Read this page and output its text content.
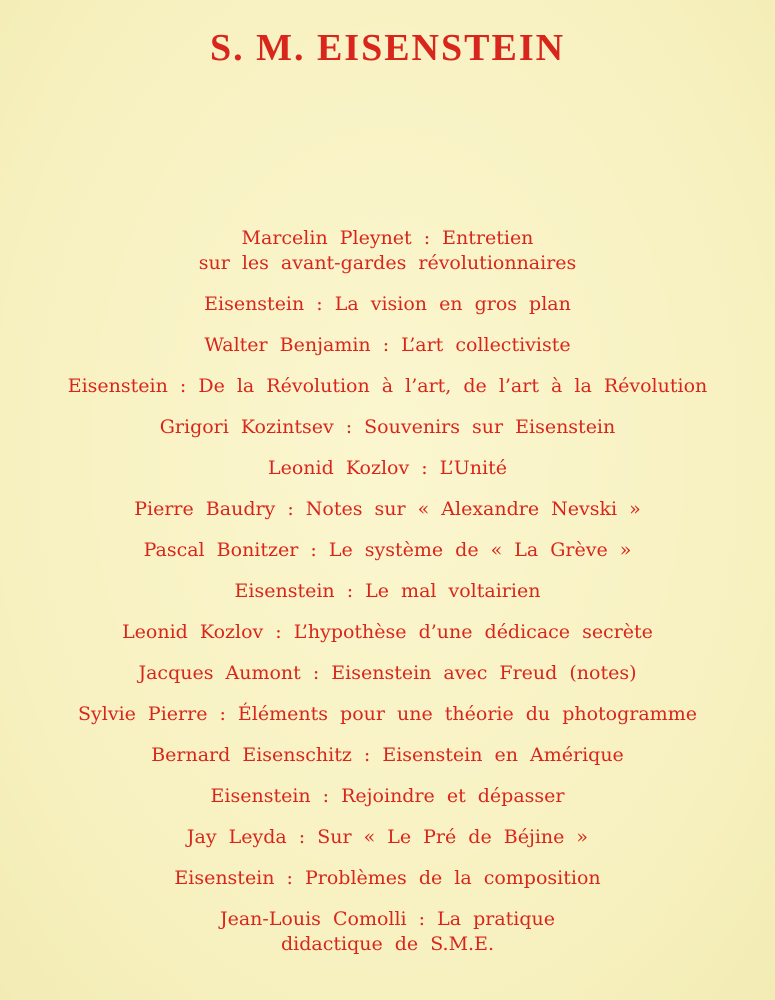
S. M. EISENSTEIN
Marcelin Pleynet : Entretien
sur les avant-gardes révolutionnaires
Eisenstein : La vision en gros plan
Walter Benjamin : L’art collectiviste
Eisenstein : De la Révolution à l’art, de l’art à la Révolution
Grigori Kozintsev : Souvenirs sur Eisenstein
Leonid Kozlov : L’Unité
Pierre Baudry : Notes sur « Alexandre Nevski »
Pascal Bonitzer : Le système de « La Grève »
Eisenstein : Le mal voltairien
Leonid Kozlov : L’hypothèse d’une dédicace secrète
Jacques Aumont : Eisenstein avec Freud (notes)
Sylvie Pierre : Éléments pour une théorie du photogramme
Bernard Eisenschitz : Eisenstein en Amérique
Eisenstein : Rejoindre et dépasser
Jay Leyda : Sur « Le Pré de Béjine »
Eisenstein : Problèmes de la composition
Jean-Louis Comolli : La pratique
didactique de S.M.E.
